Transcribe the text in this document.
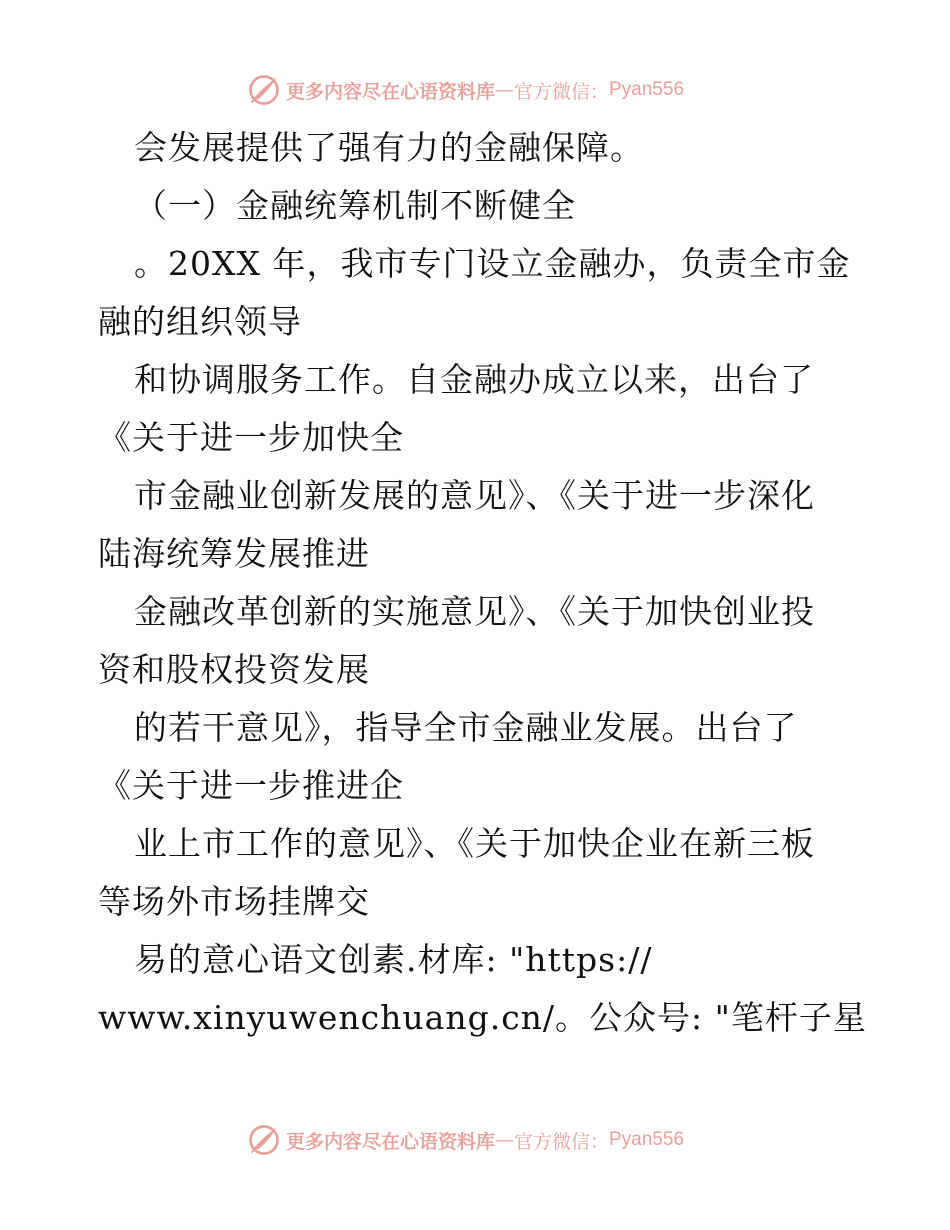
更多内容尽在心语资料库 — 官方微信： Pyan556
会发展提供了强有力的金融保障。
（一）金融统筹机制不断健全
。20XX 年，我市专门设立金融办，负责全市金
融的组织领导
和协调服务工作。自金融办成立以来，出台了
《关于进一步加快全
市金融业创新发展的意见》、《关于进一步深化
陆海统筹发展推进
金融改革创新的实施意见》、《关于加快创业投
资和股权投资发展
的若干意见》，指导全市金融业发展。出台了
《关于进一步推进企
业上市工作的意见》、《关于加快企业在新三板
等场外市场挂牌交
易的意心语文创素.材库: "https://
www.xinyuwenchuang.cn/。公众号: "笔杆子星
更多内容尽在心语资料库 — 官方微信： Pyan556
